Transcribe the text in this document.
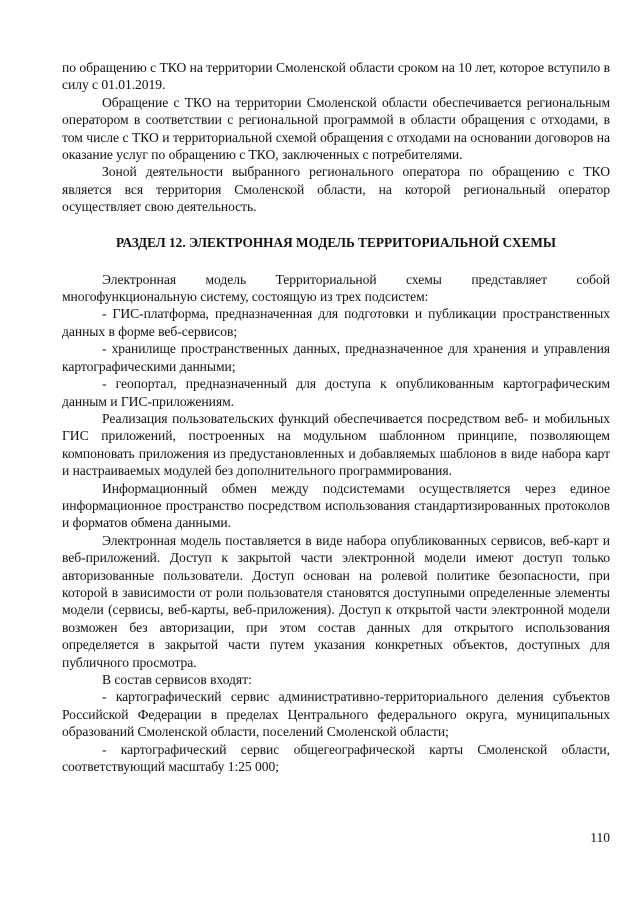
по обращению с ТКО на территории Смоленской области сроком на 10 лет, которое вступило в силу с 01.01.2019.

Обращение с ТКО на территории Смоленской области обеспечивается региональным оператором в соответствии с региональной программой в области обращения с отходами, в том числе с ТКО и территориальной схемой обращения с отходами на основании договоров на оказание услуг по обращению с ТКО, заключенных с потребителями.

Зоной деятельности выбранного регионального оператора по обращению с ТКО является вся территория Смоленской области, на которой региональный оператор осуществляет свою деятельность.

РАЗДЕЛ 12. ЭЛЕКТРОННАЯ МОДЕЛЬ ТЕРРИТОРИАЛЬНОЙ СХЕМЫ

Электронная модель Территориальной схемы представляет собой многофункциональную систему, состоящую из трех подсистем:

- ГИС-платформа, предназначенная для подготовки и публикации пространственных данных в форме веб-сервисов;

- хранилище пространственных данных, предназначенное для хранения и управления картографическими данными;

- геопортал, предназначенный для доступа к опубликованным картографическим данным и ГИС-приложениям.

Реализация пользовательских функций обеспечивается посредством веб- и мобильных ГИС приложений, построенных на модульном шаблонном принципе, позволяющем компоновать приложения из предустановленных и добавляемых шаблонов в виде набора карт и настраиваемых модулей без дополнительного программирования.

Информационный обмен между подсистемами осуществляется через единое информационное пространство посредством использования стандартизированных протоколов и форматов обмена данными.

Электронная модель поставляется в виде набора опубликованных сервисов, веб-карт и веб-приложений. Доступ к закрытой части электронной модели имеют доступ только авторизованные пользователи. Доступ основан на ролевой политике безопасности, при которой в зависимости от роли пользователя становятся доступными определенные элементы модели (сервисы, веб-карты, веб-приложения). Доступ к открытой части электронной модели возможен без авторизации, при этом состав данных для открытого использования определяется в закрытой части путем указания конкретных объектов, доступных для публичного просмотра.

В состав сервисов входят:

- картографический сервис административно-территориального деления субъектов Российской Федерации в пределах Центрального федерального округа, муниципальных образований Смоленской области, поселений Смоленской области;

- картографический сервис общегеографической карты Смоленской области, соответствующий масштабу 1:25 000;

110
